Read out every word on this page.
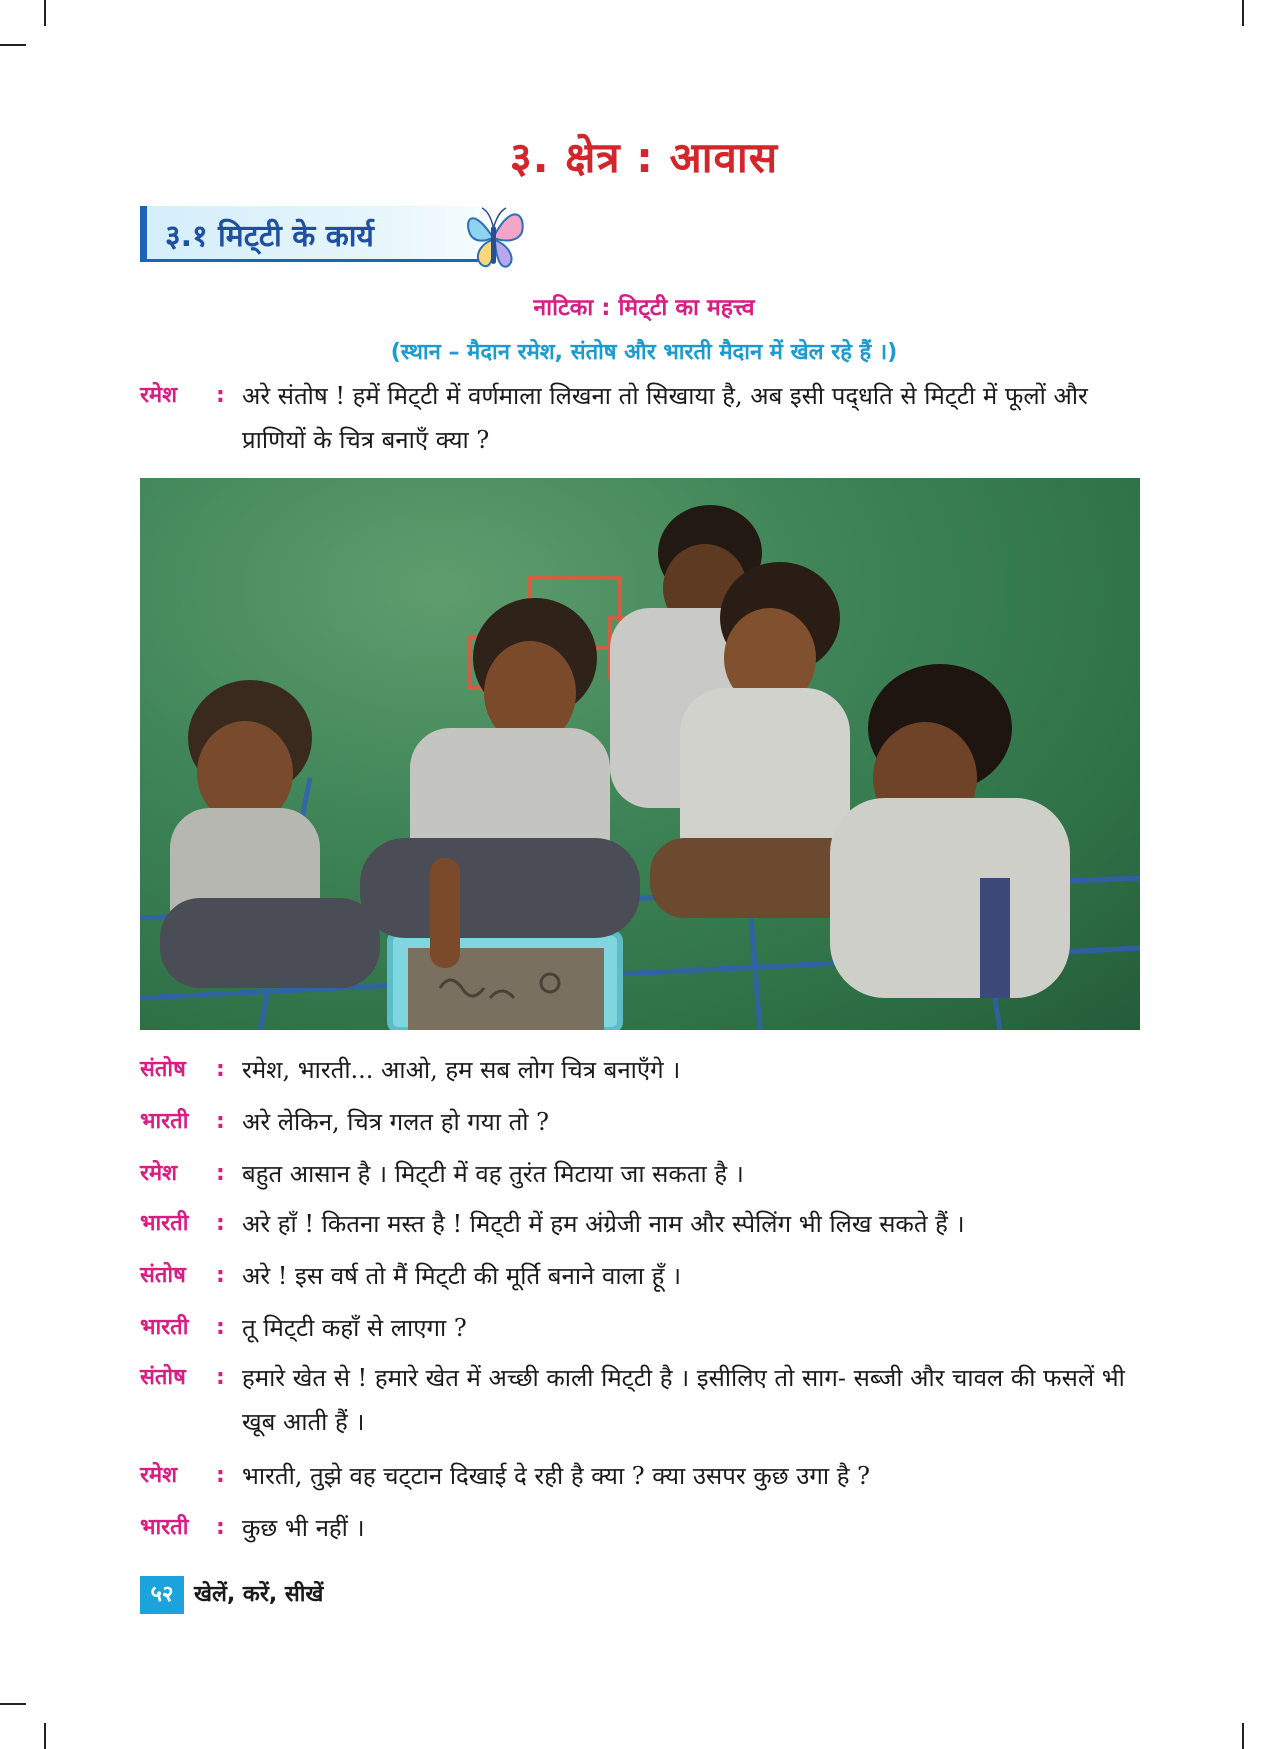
३. क्षेत्र : आवास
३.१ मिट्‌टी के कार्य
नाटिका : मिट्‌टी का महत्त्व
(स्थान – मैदान रमेश, संतोष और भारती मैदान में खेल रहे हैं ।)
रमेश	: अरे संतोष ! हमें मिट्‌टी में वर्णमाला लिखना तो सिखाया है, अब इसी पद्‌धति से मिट्‌टी में फूलों और प्राणियों के चित्र बनाएँ क्या ?
संतोष	: रमेश, भारती... आओ, हम सब लोग चित्र बनाएँगे ।
भारती	: अरे लेकिन, चित्र गलत हो गया तो ?
रमेश	: बहुत आसान है । मिट्‌टी में वह तुरंत मिटाया जा सकता है ।
भारती	: अरे हाँ ! कितना मस्त है ! मिट्‌टी में हम अंग्रेजी नाम और स्पेलिंग भी लिख सकते हैं ।
संतोष	: अरे ! इस वर्ष तो मैं मिट्‌टी की मूर्ति बनाने वाला हूँ ।
भारती	: तू मिट्‌टी कहाँ से लाएगा ?
संतोष	: हमारे खेत से ! हमारे खेत में अच्छी काली मिट्‌टी है । इसीलिए तो साग- सब्जी और चावल की फसलें भी खूब आती हैं ।
रमेश	: भारती, तुझे वह चट्‌टान दिखाई दे रही है क्या ? क्या उसपर कुछ उगा है ?
भारती	: कुछ भी नहीं ।
५२ खेलें, करें, सीखें
